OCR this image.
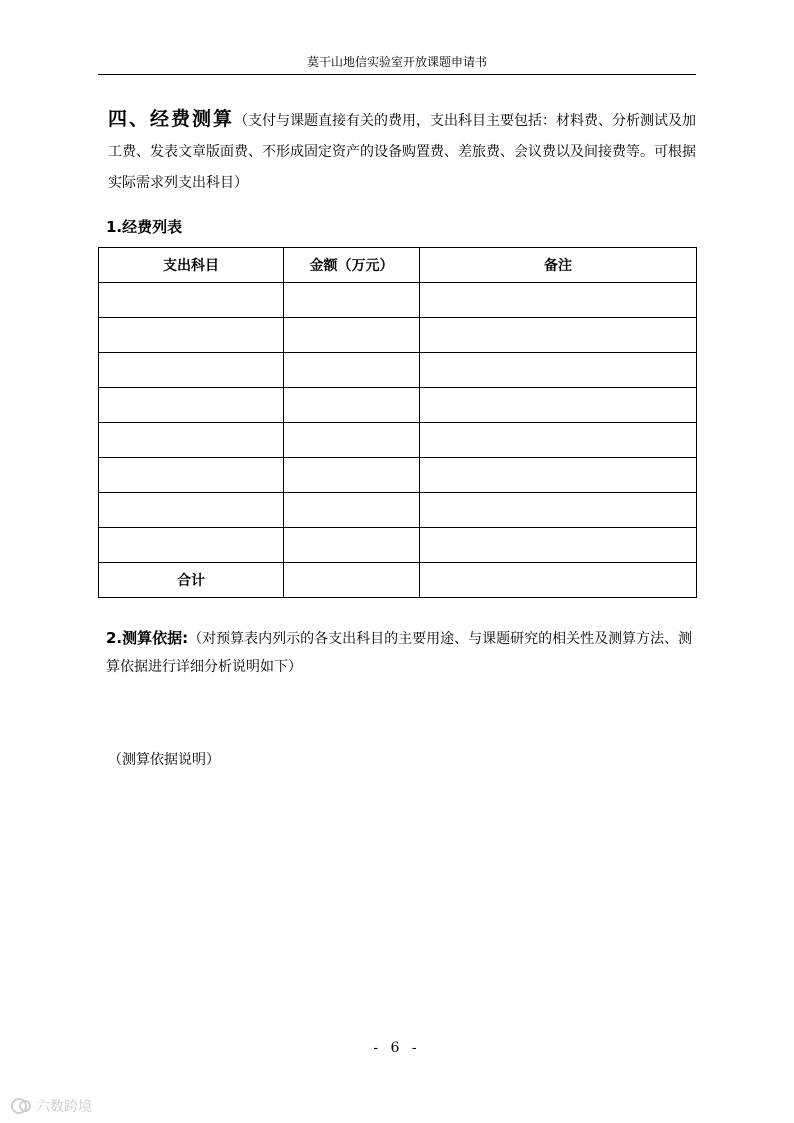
莫干山地信实验室开放课题申请书
四、经费测算（支付与课题直接有关的费用，支出科目主要包括：材料费、分析测试及加工费、发表文章版面费、不形成固定资产的设备购置费、差旅费、会议费以及间接费等。可根据实际需求列支出科目）
1.经费列表
支出科目	金额（万元）	备注

合计		
2.测算依据:（对预算表内列示的各支出科目的主要用途、与课题研究的相关性及测算方法、测算依据进行详细分析说明如下）
（测算依据说明）
- 6 -
六数跨境
